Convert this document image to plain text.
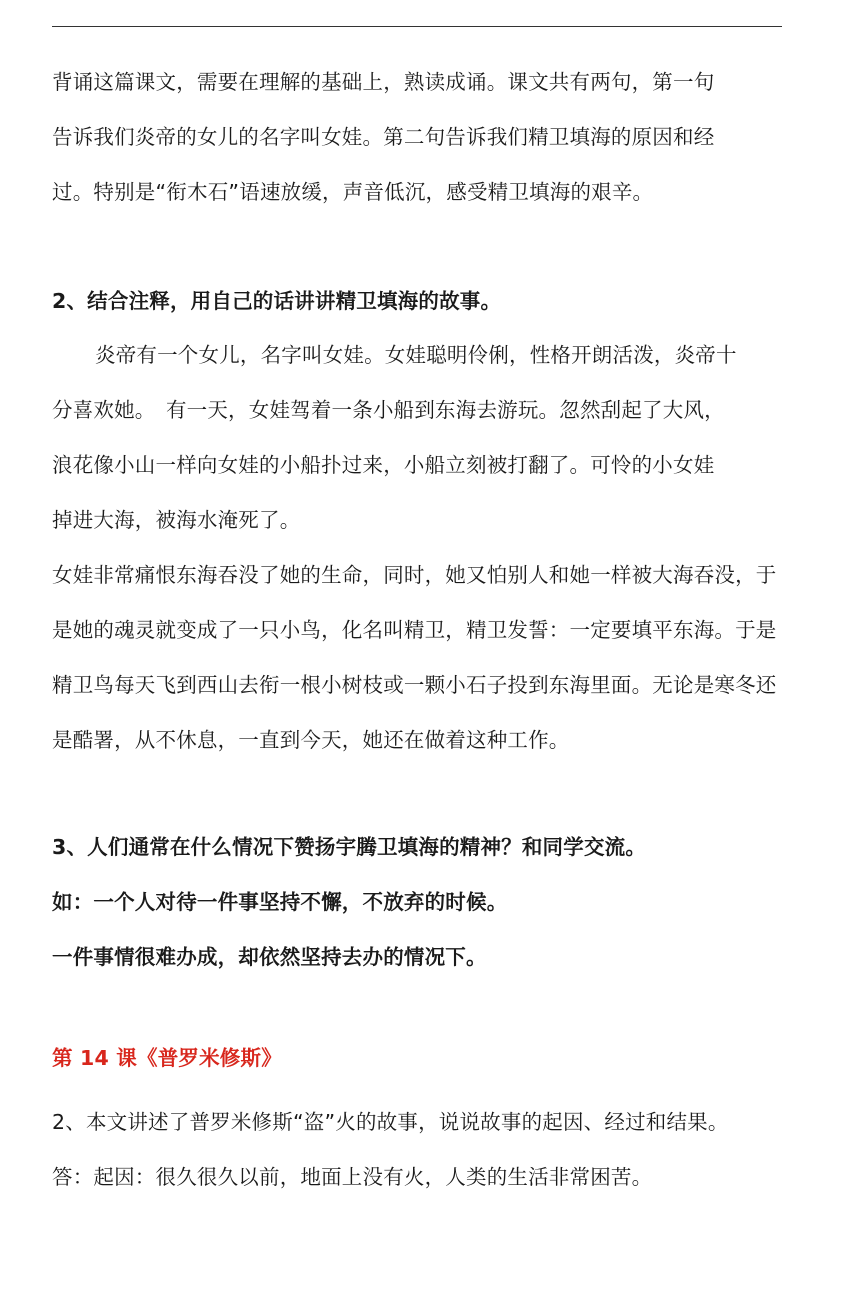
背诵这篇课文，需要在理解的基础上，熟读成诵。课文共有两句，第一句
告诉我们炎帝的女儿的名字叫女娃。第二句告诉我们精卫填海的原因和经
过。特别是“衔木石”语速放缓，声音低沉，感受精卫填海的艰辛。
2、结合注释，用自己的话讲讲精卫填海的故事。
炎帝有一个女儿，名字叫女娃。女娃聪明伶俐，性格开朗活泼，炎帝十
分喜欢她。　有一天，女娃驾着一条小船到东海去游玩。忽然刮起了大风，
浪花像小山一样向女娃的小船扑过来，小船立刻被打翻了。可怜的小女娃
掉进大海，被海水淹死了。
女娃非常痛恨东海吞没了她的生命，同时，她又怕别人和她一样被大海吞没，于
是她的魂灵就变成了一只小鸟，化名叫精卫，精卫发誓：一定要填平东海。于是
精卫鸟每天飞到西山去衔一根小树枝或一颗小石子投到东海里面。无论是寒冬还
是酷署，从不休息，一直到今天，她还在做着这种工作。
3、人们通常在什么情况下赞扬宇腾卫填海的精神？和同学交流。
如：一个人对待一件事坚持不懈，不放弃的时候。
一件事情很难办成，却依然坚持去办的情况下。
第 14 课《普罗米修斯》
2、本文讲述了普罗米修斯“盗”火的故事，说说故事的起因、经过和结果。
答：起因：很久很久以前，地面上没有火，人类的生活非常困苦。
